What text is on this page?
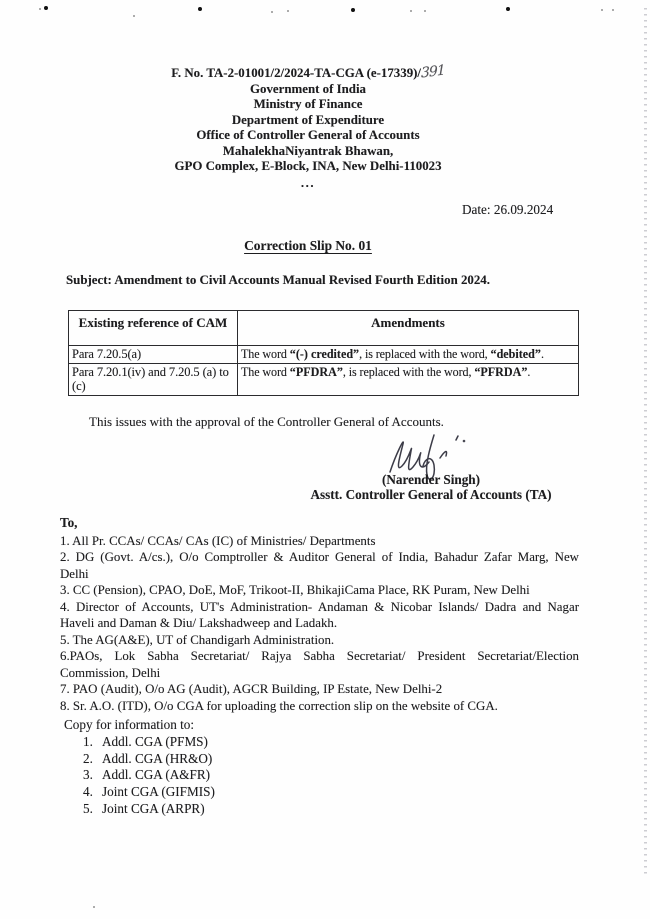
F. No. TA-2-01001/2/2024-TA-CGA (e-17339)/391
Government of India
Ministry of Finance
Department of Expenditure
Office of Controller General of Accounts
MahalekhaNiyantrak Bhawan,
GPO Complex, E-Block, INA, New Delhi-110023
...
Date: 26.09.2024
Correction Slip No. 01
Subject: Amendment to Civil Accounts Manual Revised Fourth Edition 2024.
Existing reference of CAM	Amendments
Para 7.20.5(a)	The word “(-) credited”, is replaced with the word, “debited”.
Para 7.20.1(iv) and 7.20.5 (a) to (c)	The word “PFDRA”, is replaced with the word, “PFRDA”.
This issues with the approval of the Controller General of Accounts.
(Narender Singh)
Asstt. Controller General of Accounts (TA)
To,
1. All Pr. CCAs/ CCAs/ CAs (IC) of Ministries/ Departments
2. DG (Govt. A/cs.), O/o Comptroller & Auditor General of India, Bahadur Zafar Marg, New
Delhi
3. CC (Pension), CPAO, DoE, MoF, Trikoot-II, BhikajiCama Place, RK Puram, New Delhi
4. Director of Accounts, UT's Administration- Andaman & Nicobar Islands/ Dadra and Nagar
Haveli and Daman & Diu/ Lakshadweep and Ladakh.
5. The AG(A&E), UT of Chandigarh Administration.
6.PAOs, Lok Sabha Secretariat/ Rajya Sabha Secretariat/ President Secretariat/Election
Commission, Delhi
7. PAO (Audit), O/o AG (Audit), AGCR Building, IP Estate, New Delhi-2
8. Sr. A.O. (ITD), O/o CGA for uploading the correction slip on the website of CGA.
Copy for information to:
1. Addl. CGA (PFMS)
2. Addl. CGA (HR&O)
3. Addl. CGA (A&FR)
4. Joint CGA (GIFMIS)
5. Joint CGA (ARPR)
